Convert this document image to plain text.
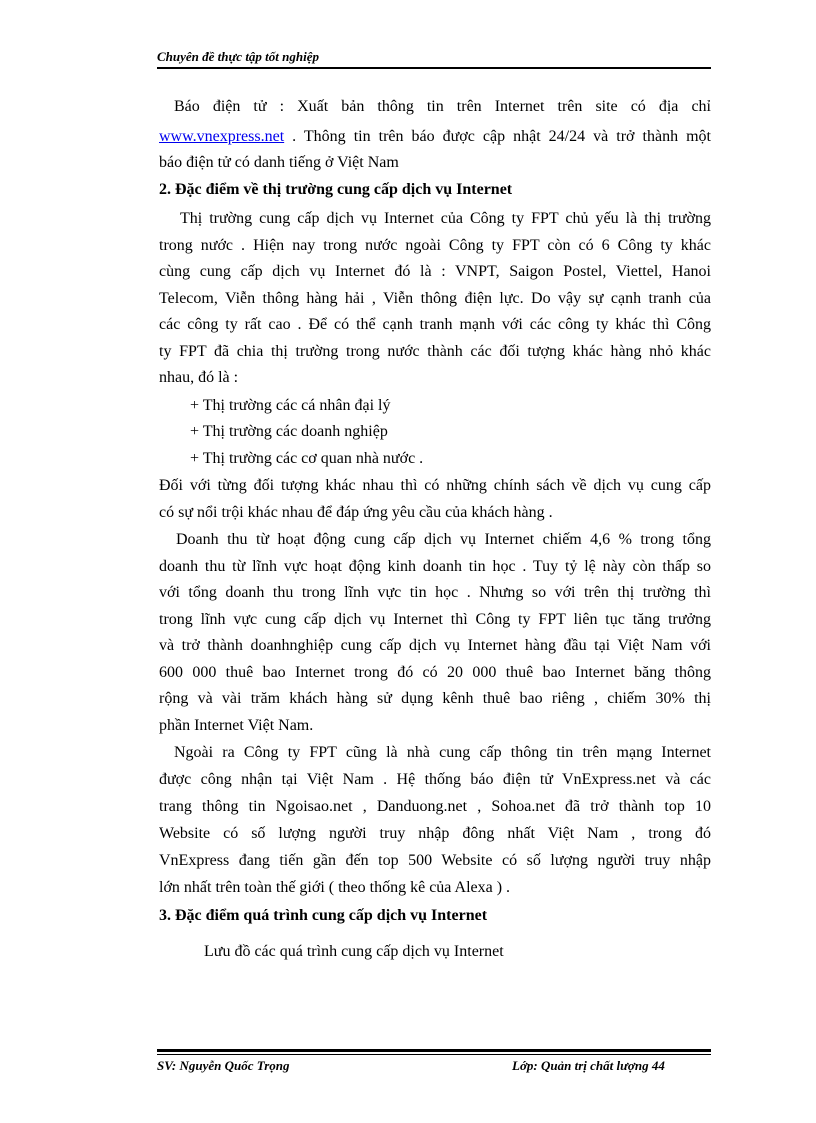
Chuyên đề thực tập tốt nghiệp
Báo điện tử : Xuất bản thông tin trên Internet trên site có địa chỉ
www.vnexpress.net . Thông tin trên báo được cập nhật 24/24 và trở thành một
báo điện tử có danh tiếng ở Việt Nam
2. Đặc điểm về thị trường cung cấp dịch vụ Internet
Thị trường cung cấp dịch vụ Internet của Công ty FPT chủ yếu là thị trường
trong nước . Hiện nay trong nước ngoài Công ty FPT còn có 6 Công ty khác
cùng cung cấp dịch vụ Internet đó là : VNPT, Saigon Postel, Viettel, Hanoi
Telecom, Viễn thông hàng hải , Viễn thông điện lực. Do vậy sự cạnh tranh của
các công ty rất cao . Để có thể cạnh tranh mạnh với các công ty khác thì Công
ty FPT đã chia thị trường trong nước thành các đối tượng khác hàng nhỏ khác
nhau, đó là :
+ Thị trường các cá nhân đại lý
+ Thị trường các doanh nghiệp
+ Thị trường các cơ quan nhà nước .
Đối với từng đối tượng khác nhau thì có những chính sách về dịch vụ cung cấp
có sự nổi trội khác nhau để đáp ứng yêu cầu của khách hàng .
Doanh thu từ hoạt động cung cấp dịch vụ Internet chiếm 4,6 % trong tổng
doanh thu từ lĩnh vực hoạt động kinh doanh tin học . Tuy tỷ lệ này còn thấp so
với tổng doanh thu trong lĩnh vực tin học . Nhưng so với trên thị trường thì
trong lĩnh vực cung cấp dịch vụ Internet thì Công ty FPT liên tục tăng trưởng
và trở thành doanhnghiệp cung cấp dịch vụ Internet hàng đầu tại Việt Nam với
600 000 thuê bao Internet trong đó có 20 000 thuê bao Internet băng thông
rộng và vài trăm khách hàng sử dụng kênh thuê bao riêng , chiếm 30% thị
phần Internet Việt Nam.
Ngoài ra Công ty FPT cũng là nhà cung cấp thông tin trên mạng Internet
được công nhận tại Việt Nam . Hệ thống báo điện tử VnExpress.net và các
trang thông tin Ngoisao.net , Danduong.net , Sohoa.net đã trở thành top 10
Website có số lượng người truy nhập đông nhất Việt Nam , trong đó
VnExpress đang tiến gần đến top 500 Website có số lượng người truy nhập
lớn nhất trên toàn thế giới ( theo thống kê của Alexa ) .
3. Đặc điểm quá trình cung cấp dịch vụ Internet
Lưu đồ các quá trình cung cấp dịch vụ Internet
SV: Nguyễn Quốc Trọng	Lớp: Quản trị chất lượng 44
